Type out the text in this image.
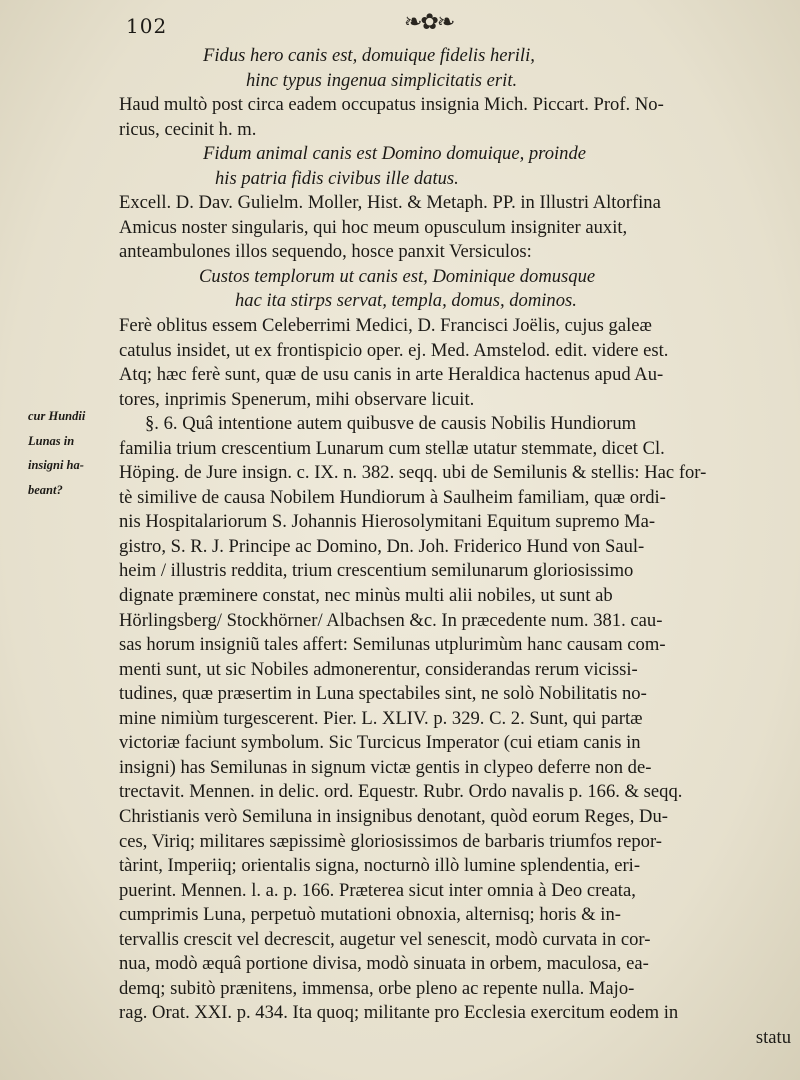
102	❧✿❧
cur Hundii
Lunas in
insigni ha-
beant?
Fidus hero canis est, domuique fidelis herili,
hinc typus ingenua simplicitatis erit.
Haud multò post circa eadem occupatus insignia Mich. Piccart. Prof. No-
ricus, cecinit h. m.
Fidum animal canis est Domino domuique, proinde
his patria fidis civibus ille datus.
Excell. D. Dav. Gulielm. Moller, Hist. & Metaph. PP. in Illustri Altorfina
Amicus noster singularis, qui hoc meum opusculum insigniter auxit,
anteambulones illos sequendo, hosce panxit Versiculos:
Custos templorum ut canis est, Dominique domusque
hac ita stirps servat, templa, domus, dominos.
Ferè oblitus essem Celeberrimi Medici, D. Francisci Joëlis, cujus galeæ
catulus insidet, ut ex frontispicio oper. ej. Med. Amstelod. edit. videre est.
Atq; hæc ferè sunt, quæ de usu canis in arte Heraldica hactenus apud Au-
tores, inprimis Spenerum, mihi observare licuit.
§. 6. Quâ intentione autem quibusve de causis Nobilis Hundiorum
familia trium crescentium Lunarum cum stellæ utatur stemmate, dicet Cl.
Höping. de Jure insign. c. IX. n. 382. seqq. ubi de Semilunis & stellis: Hac for-
tè similive de causa Nobilem Hundiorum à Saulheim familiam, quæ ordi-
nis Hospitalariorum S. Johannis Hierosolymitani Equitum supremo Ma-
gistro, S. R. J. Principe ac Domino, Dn. Joh. Friderico Hund von Saul-
heim / illustris reddita, trium crescentium semilunarum gloriosissimo
dignate præminere constat, nec minùs multi alii nobiles, ut sunt ab
Hörlingsberg/ Stockhörner/ Albachsen &c. In præcedente num. 381. cau-
sas horum insigniũ tales affert: Semilunas utplurimùm hanc causam com-
menti sunt, ut sic Nobiles admonerentur, considerandas rerum vicissi-
tudines, quæ præsertim in Luna spectabiles sint, ne solò Nobilitatis no-
mine nimiùm turgescerent. Pier. L. XLIV. p. 329. C. 2. Sunt, qui partæ
victoriæ faciunt symbolum. Sic Turcicus Imperator (cui etiam canis in
insigni) has Semilunas in signum victæ gentis in clypeo deferre non de-
trectavit. Mennen. in delic. ord. Equestr. Rubr. Ordo navalis p. 166. & seqq.
Christianis verò Semiluna in insignibus denotant, quòd eorum Reges, Du-
ces, Viriq; militares sæpissimè gloriosissimos de barbaris triumfos repor-
tàrint, Imperiiq; orientalis signa, nocturnò illò lumine splendentia, eri-
puerint. Mennen. l. a. p. 166. Præterea sicut inter omnia à Deo creata,
cumprimis Luna, perpetuò mutationi obnoxia, alternisq; horis & in-
tervallis crescit vel decrescit, augetur vel senescit, modò curvata in cor-
nua, modò æquâ portione divisa, modò sinuata in orbem, maculosa, ea-
demq; subitò prænitens, immensa, orbe pleno ac repente nulla. Majo-
rag. Orat. XXI. p. 434. Ita quoq; militante pro Ecclesia exercitum eodem in
statu
